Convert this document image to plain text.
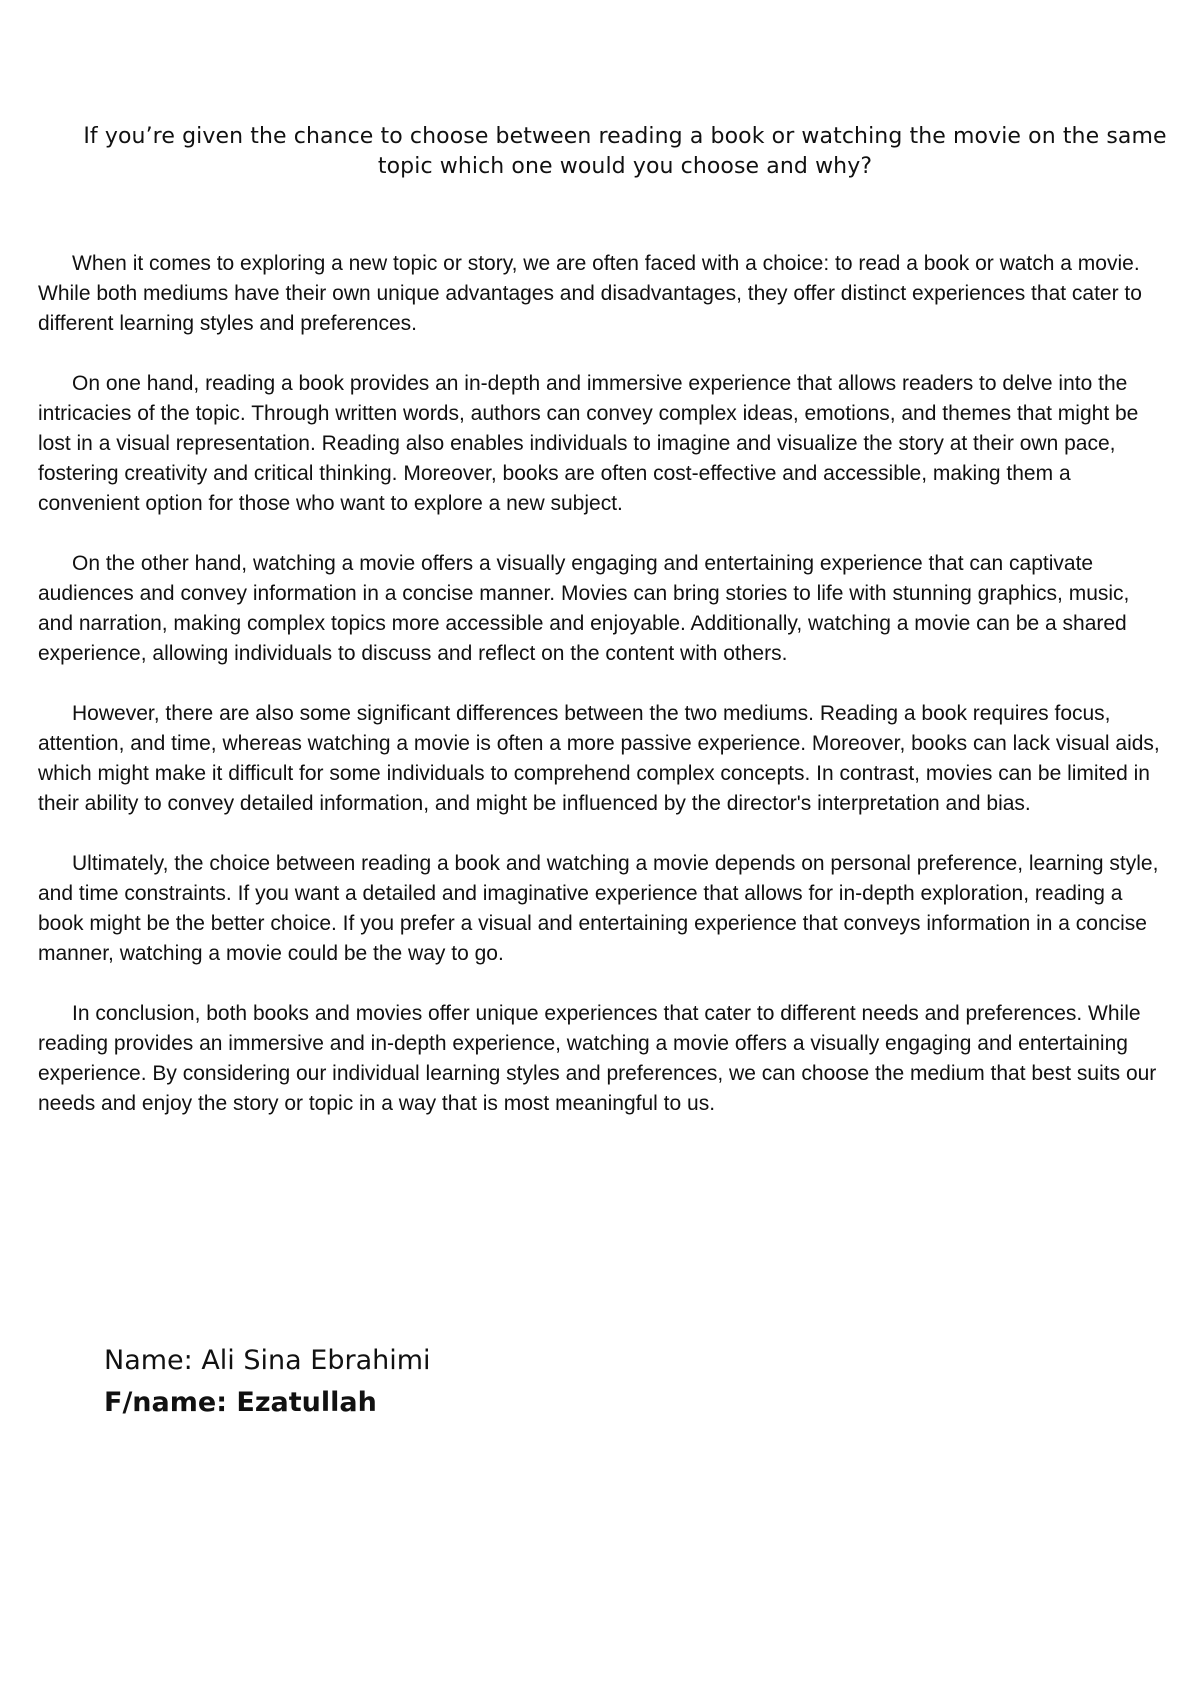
If you’re given the chance to choose between reading a book or watching the movie on the same topic which one would you choose and why?

When it comes to exploring a new topic or story, we are often faced with a choice: to read a book or watch a movie. While both mediums have their own unique advantages and disadvantages, they offer distinct experiences that cater to different learning styles and preferences.

On one hand, reading a book provides an in-depth and immersive experience that allows readers to delve into the intricacies of the topic. Through written words, authors can convey complex ideas, emotions, and themes that might be lost in a visual representation. Reading also enables individuals to imagine and visualize the story at their own pace, fostering creativity and critical thinking. Moreover, books are often cost-effective and accessible, making them a convenient option for those who want to explore a new subject.

On the other hand, watching a movie offers a visually engaging and entertaining experience that can captivate audiences and convey information in a concise manner. Movies can bring stories to life with stunning graphics, music, and narration, making complex topics more accessible and enjoyable. Additionally, watching a movie can be a shared experience, allowing individuals to discuss and reflect on the content with others.

However, there are also some significant differences between the two mediums. Reading a book requires focus, attention, and time, whereas watching a movie is often a more passive experience. Moreover, books can lack visual aids, which might make it difficult for some individuals to comprehend complex concepts. In contrast, movies can be limited in their ability to convey detailed information, and might be influenced by the director's interpretation and bias.

Ultimately, the choice between reading a book and watching a movie depends on personal preference, learning style, and time constraints. If you want a detailed and imaginative experience that allows for in-depth exploration, reading a book might be the better choice. If you prefer a visual and entertaining experience that conveys information in a concise manner, watching a movie could be the way to go.

In conclusion, both books and movies offer unique experiences that cater to different needs and preferences. While reading provides an immersive and in-depth experience, watching a movie offers a visually engaging and entertaining experience. By considering our individual learning styles and preferences, we can choose the medium that best suits our needs and enjoy the story or topic in a way that is most meaningful to us.

Name: Ali Sina Ebrahimi
F/name: Ezatullah
